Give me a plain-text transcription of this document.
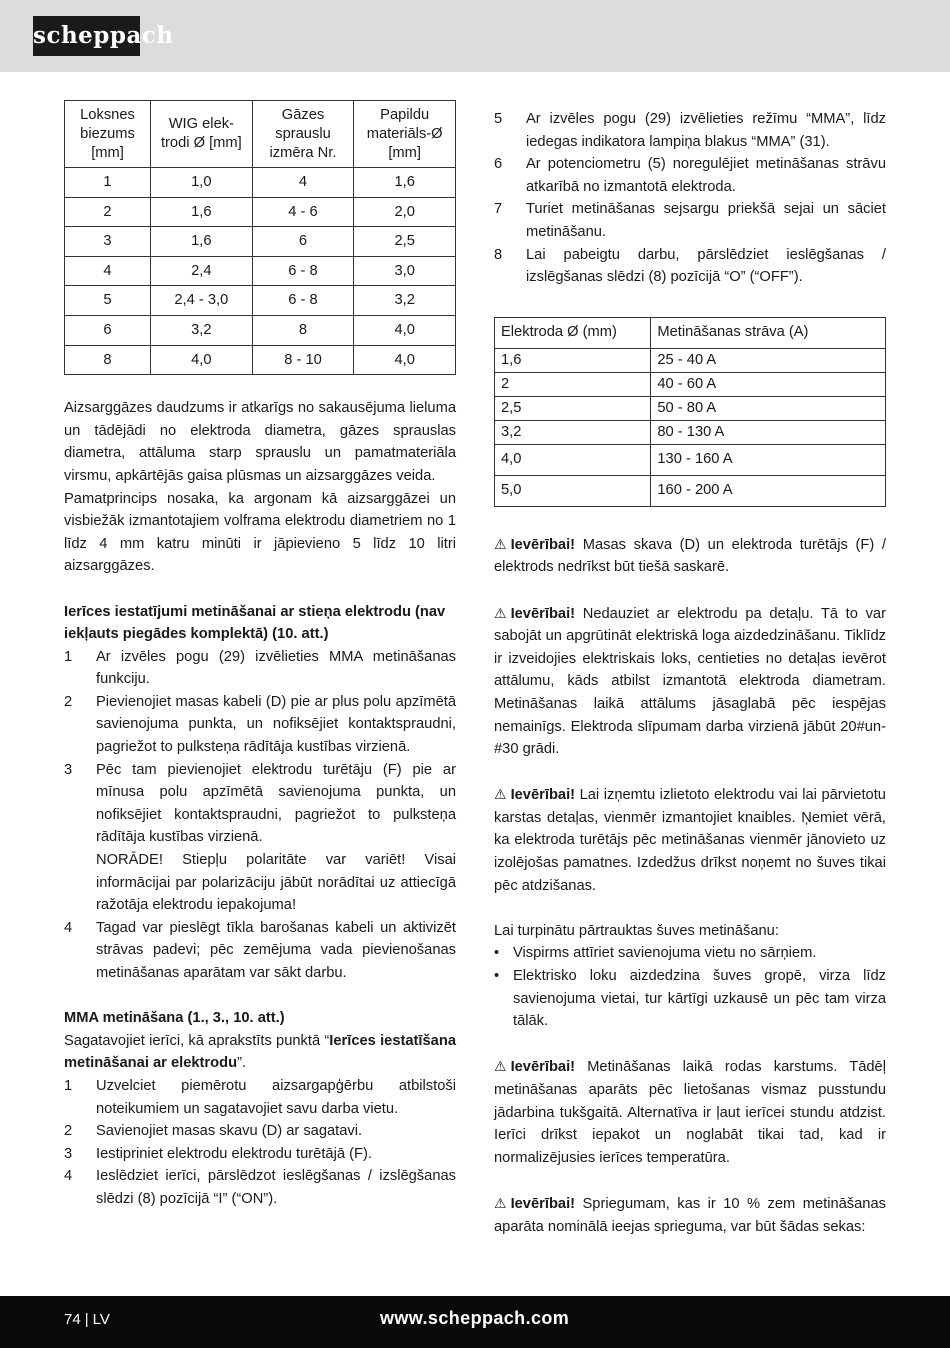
scheppach
Loksnes biezums [mm]	WIG elek-trodi Ø [mm]	Gāzes sprauslu izmēra Nr.	Papildu materiāls-Ø [mm]
1	1,0	4	1,6
2	1,6	4 - 6	2,0
3	1,6	6	2,5
4	2,4	6 - 8	3,0
5	2,4 - 3,0	6 - 8	3,2
6	3,2	8	4,0
8	4,0	8 - 10	4,0

Aizsarggāzes daudzums ir atkarīgs no sakausējuma lieluma un tādējādi no elektroda diametra, gāzes sprauslas diametra, attāluma starp sprauslu un pamatmateriāla virsmu, apkārtējās gaisa plūsmas un aizsarggāzes veida.

Pamatprincips nosaka, ka argonam kā aizsarggāzei un visbiežāk izmantotajiem volframa elektrodu diametriem no 1 līdz 4 mm katru minūti ir jāpievieno 5 līdz 10 litri aizsarggāzes.

Ierīces iestatījumi metināšanai ar stieņa elektrodu (nav iekļauts piegādes komplektā) (10. att.)

1 Ar izvēles pogu (29) izvēlieties MMA metināšanas funkciju.
2 Pievienojiet masas kabeli (D) pie ar plus polu apzīmētā savienojuma punkta, un nofiksējiet kontaktspraudni, pagriežot to pulksteņa rādītāja kustības virzienā.
3 Pēc tam pievienojiet elektrodu turētāju (F) pie ar mīnusa polu apzīmētā savienojuma punkta, un nofiksējiet kontaktspraudni, pagriežot to pulksteņa rādītāja kustības virzienā.
NORĀDE! Stiepļu polaritāte var variēt! Visai informācijai par polarizāciju jābūt norādītai uz attiecīgā ražotāja elektrodu iepakojuma!
4 Tagad var pieslēgt tīkla barošanas kabeli un aktivizēt strāvas padevi; pēc zemējuma vada pievienošanas metināšanas aparātam var sākt darbu.

MMA metināšana (1., 3., 10. att.)

Sagatavojiet ierīci, kā aprakstīts punktā “Ierīces iestatīšana metināšanai ar elektrodu”.

1 Uzvelciet piemērotu aizsargapģērbu atbilstoši noteikumiem un sagatavojiet savu darba vietu.
2 Savienojiet masas skavu (D) ar sagatavi.
3 Iestipriniet elektrodu elektrodu turētājā (F).
4 Ieslēdziet ierīci, pārslēdzot ieslēgšanas / izslēgšanas slēdzi (8) pozīcijā “I” (“ON”).
5 Ar izvēles pogu (29) izvēlieties režīmu “MMA”, līdz iedegas indikatora lampiņa blakus “MMA” (31).
6 Ar potenciometru (5) noregulējiet metināšanas strāvu atkarībā no izmantotā elektroda.
7 Turiet metināšanas sejsargu priekšā sejai un sāciet metināšanu.
8 Lai pabeigtu darbu, pārslēdziet ieslēgšanas / izslēgšanas slēdzi (8) pozīcijā “O” (“OFF”).
Elektroda Ø (mm)	Metināšanas strāva (A)
1,6	25 - 40 A
2	40 - 60 A
2,5	50 - 80 A
3,2	80 - 130 A
4,0	130 - 160 A
5,0	160 - 200 A

⚠ Ievērībai! Masas skava (D) un elektroda turētājs (F) / elektrods nedrīkst būt tiešā saskarē.

⚠ Ievērībai! Nedauziet ar elektrodu pa detaļu. Tā to var sabojāt un apgrūtināt elektriskā loga aizdedzināšanu. Tiklīdz ir izveidojies elektriskais loks, centieties no detaļas ievērot attālumu, kāds atbilst izmantotā elektroda diametram. Metināšanas laikā attālums jāsaglabā pēc iespējas nemainīgs. Elektroda slīpumam darba virzienā jābūt 20#un-#30 grādi.

⚠ Ievērībai! Lai izņemtu izlietoto elektrodu vai lai pārvietotu karstas detaļas, vienmēr izmantojiet knaibles. Ņemiet vērā, ka elektroda turētājs pēc metināšanas vienmēr jānovieto uz izolējošas pamatnes. Izdedžus drīkst noņemt no šuves tikai pēc atdzišanas.

Lai turpinātu pārtrauktas šuves metināšanu:

• Vispirms attīriet savienojuma vietu no sārņiem.
• Elektrisko loku aizdedzina šuves gropē, virza līdz savienojuma vietai, tur kārtīgi uzkausē un pēc tam virza tālāk.

⚠ Ievērībai! Metināšanas laikā rodas karstums. Tādēļ metināšanas aparāts pēc lietošanas vismaz pusstundu jādarbina tukšgaitā. Alternatīva ir ļaut ierīcei stundu atdzist. Ierīci drīkst iepakot un noglabāt tikai tad, kad ir normalizējusies ierīces temperatūra.

⚠ Ievērībai! Spriegumam, kas ir 10 % zem metināšanas aparāta nominālā ieejas sprieguma, var būt šādas sekas:

74 | LV	www.scheppach.com
